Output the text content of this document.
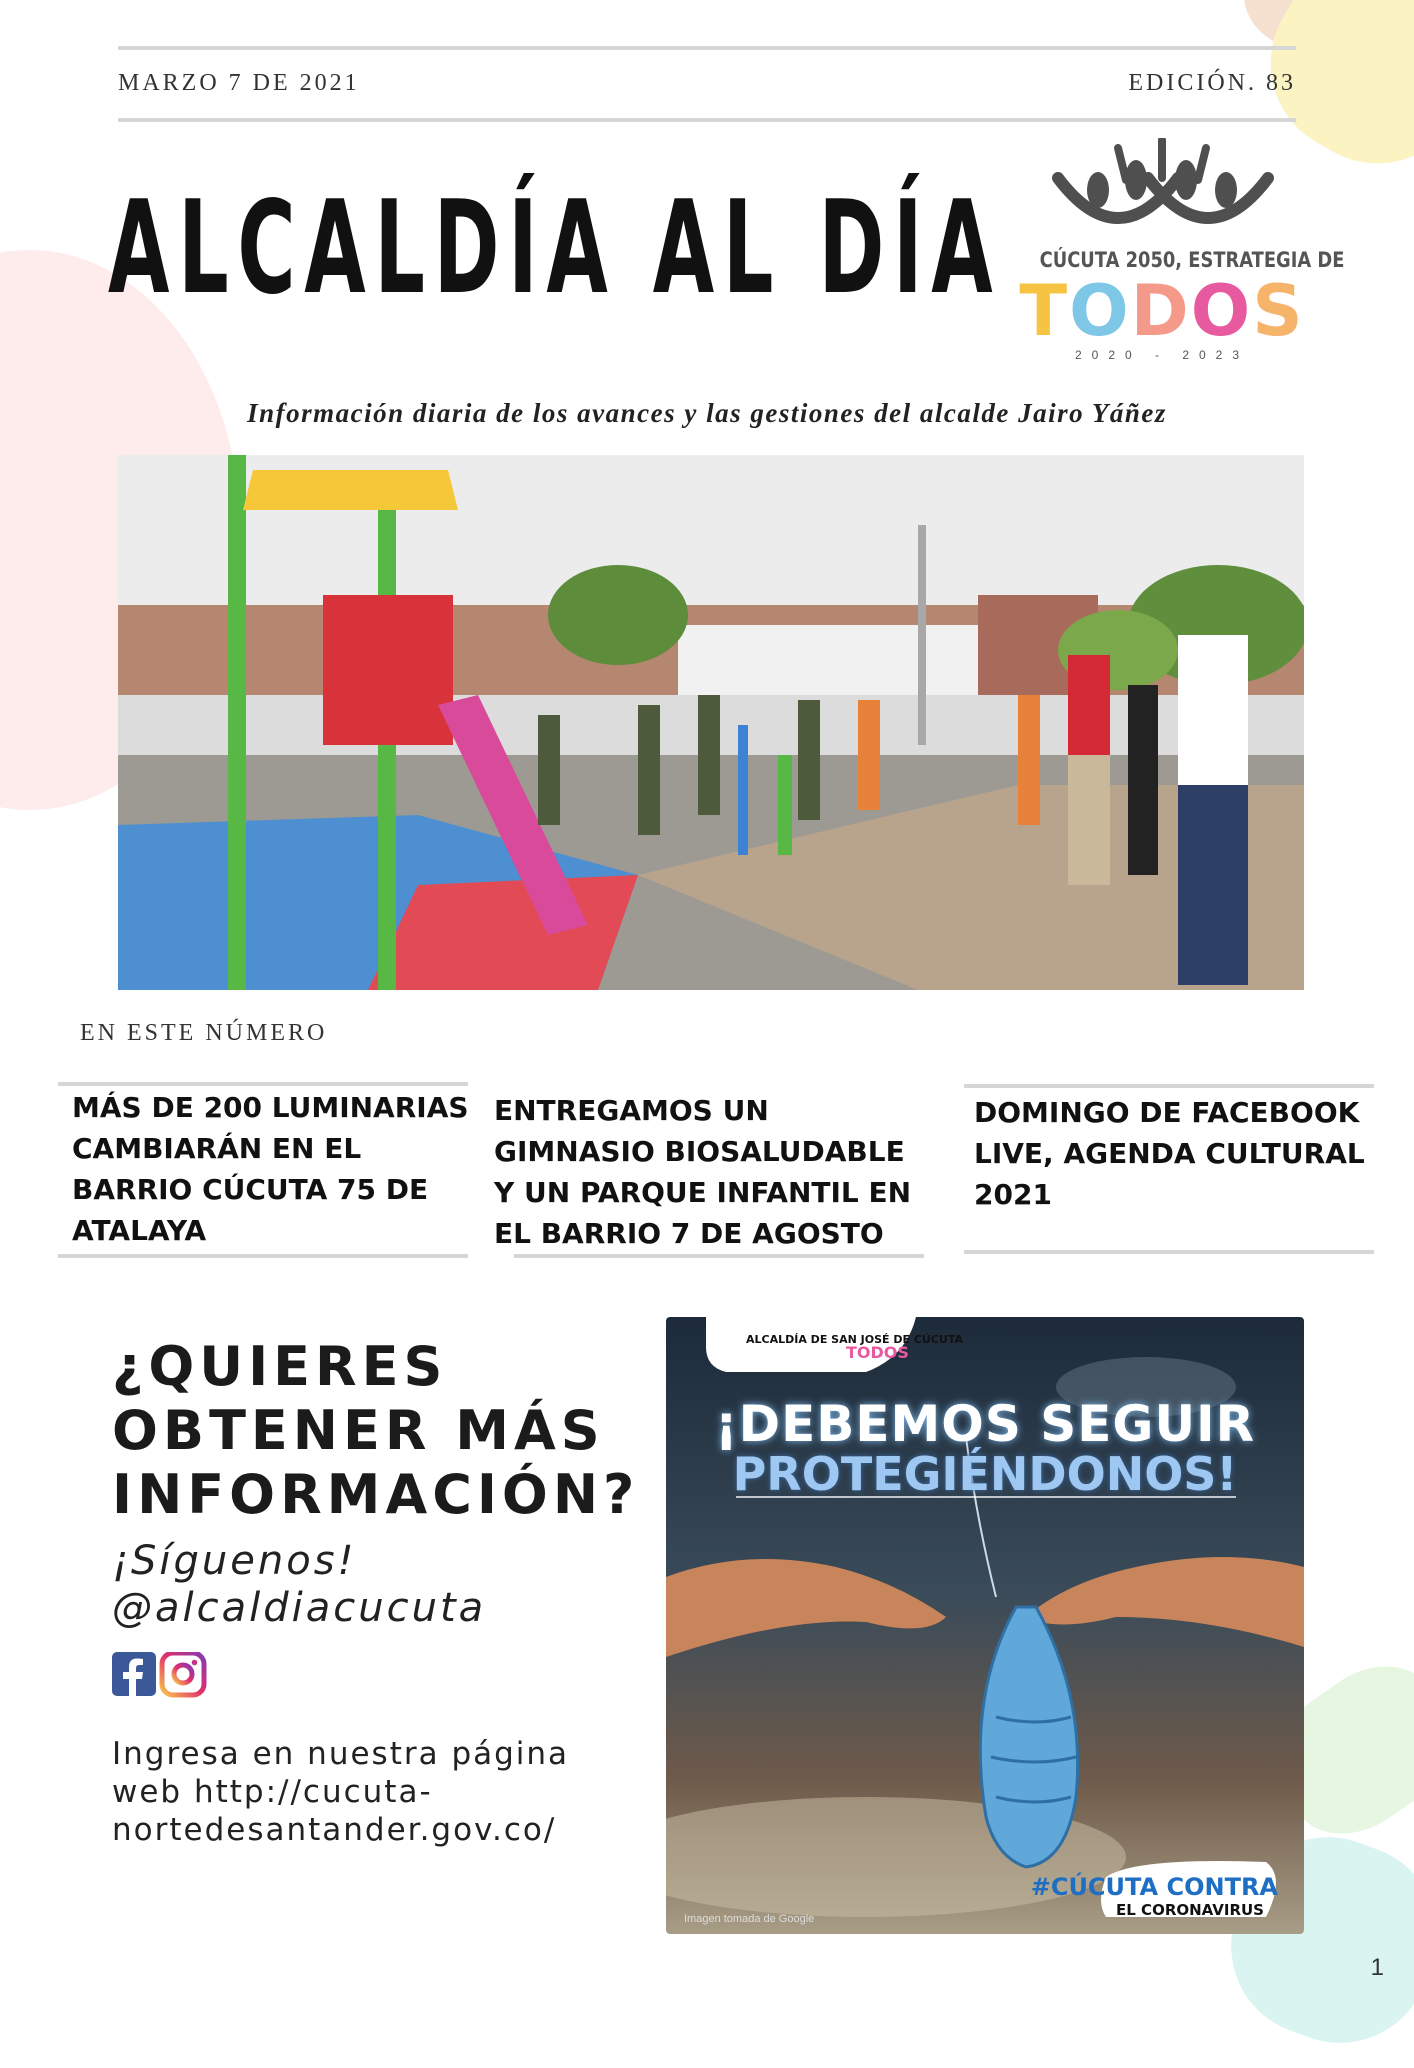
MARZO 7 DE 2021	EDICIÓN. 83
ALCALDÍA AL DÍA CÚCUTA 2050, ESTRATEGIA DE
TODOS
2020 - 2023
Información diaria de los avances y las gestiones del alcalde Jairo Yáñez
EN ESTE NÚMERO
MÁS DE 200 LUMINARIAS CAMBIARÁN EN EL BARRIO CÚCUTA 75 DE ATALAYA
ENTREGAMOS UN GIMNASIO BIOSALUDABLE Y UN PARQUE INFANTIL EN EL BARRIO 7 DE AGOSTO
DOMINGO DE FACEBOOK LIVE, AGENDA CULTURAL 2021
¿QUIERES OBTENER MÁS INFORMACIÓN?
¡Síguenos!
@alcaldiacucuta
Ingresa en nuestra página web http://cucuta-nortedesantander.gov.co/
ALCALDÍA DE SAN JOSÉ DE CÚCUTA
TODOS
¡DEBEMOS SEGUIR
PROTEGIÉNDONOS!
Imagen tomada de Google
#CÚCUTA CONTRA
EL CORONAVIRUS
1
